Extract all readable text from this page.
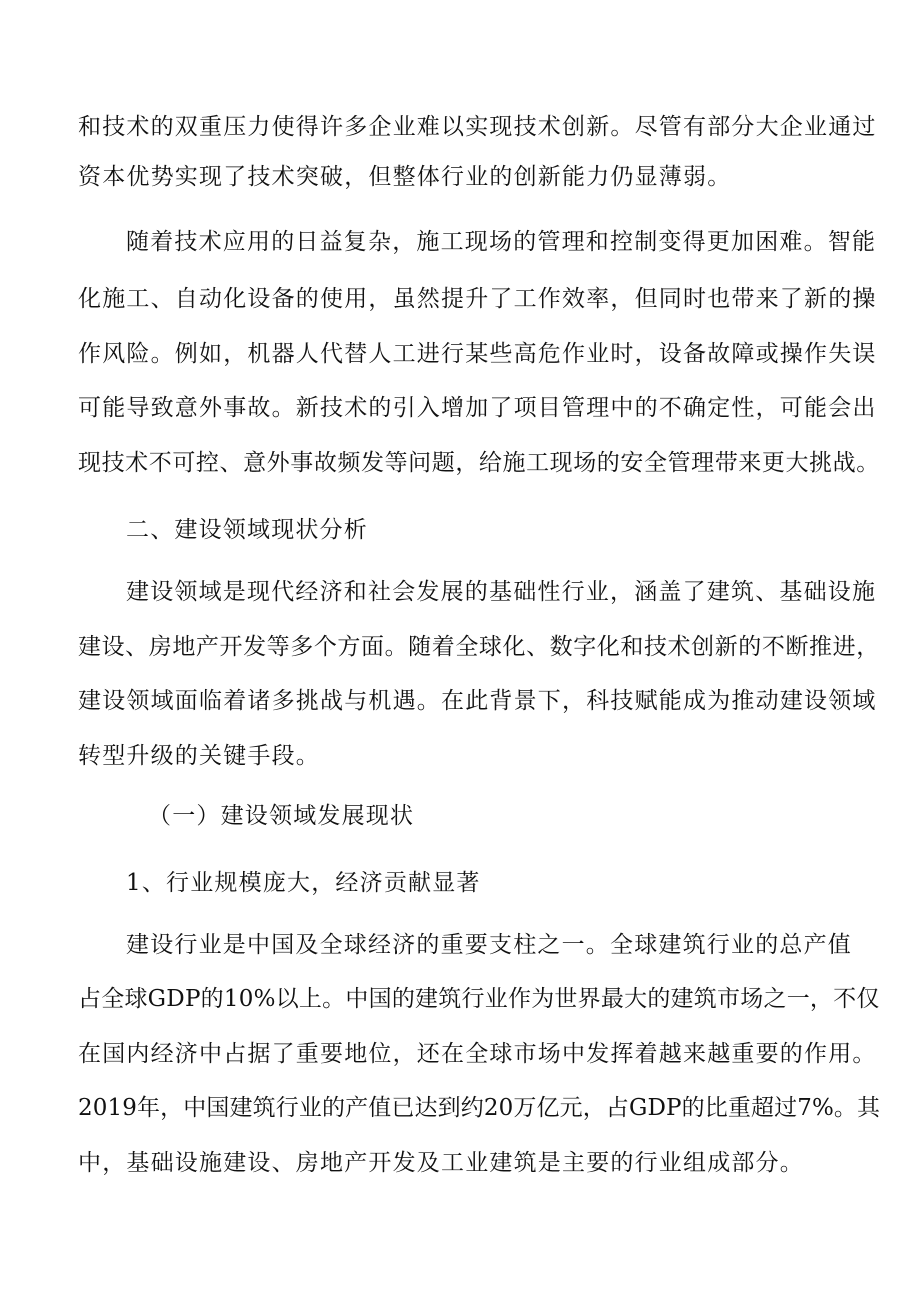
和技术的双重压力使得许多企业难以实现技术创新。尽管有部分大企业通过
资本优势实现了技术突破，但整体行业的创新能力仍显薄弱。
随着技术应用的日益复杂，施工现场的管理和控制变得更加困难。智能
化施工、自动化设备的使用，虽然提升了工作效率，但同时也带来了新的操
作风险。例如，机器人代替人工进行某些高危作业时，设备故障或操作失误
可能导致意外事故。新技术的引入增加了项目管理中的不确定性，可能会出
现技术不可控、意外事故频发等问题，给施工现场的安全管理带来更大挑战。
二、建设领域现状分析
建设领域是现代经济和社会发展的基础性行业，涵盖了建筑、基础设施
建设、房地产开发等多个方面。随着全球化、数字化和技术创新的不断推进，
建设领域面临着诸多挑战与机遇。在此背景下，科技赋能成为推动建设领域
转型升级的关键手段。
（一）建设领域发展现状
1、行业规模庞大，经济贡献显著
建设行业是中国及全球经济的重要支柱之一。全球建筑行业的总产值
占全球GDP的10%以上。中国的建筑行业作为世界最大的建筑市场之一，不仅
在国内经济中占据了重要地位，还在全球市场中发挥着越来越重要的作用。
2019年，中国建筑行业的产值已达到约20万亿元，占GDP的比重超过7%。其
中，基础设施建设、房地产开发及工业建筑是主要的行业组成部分。
